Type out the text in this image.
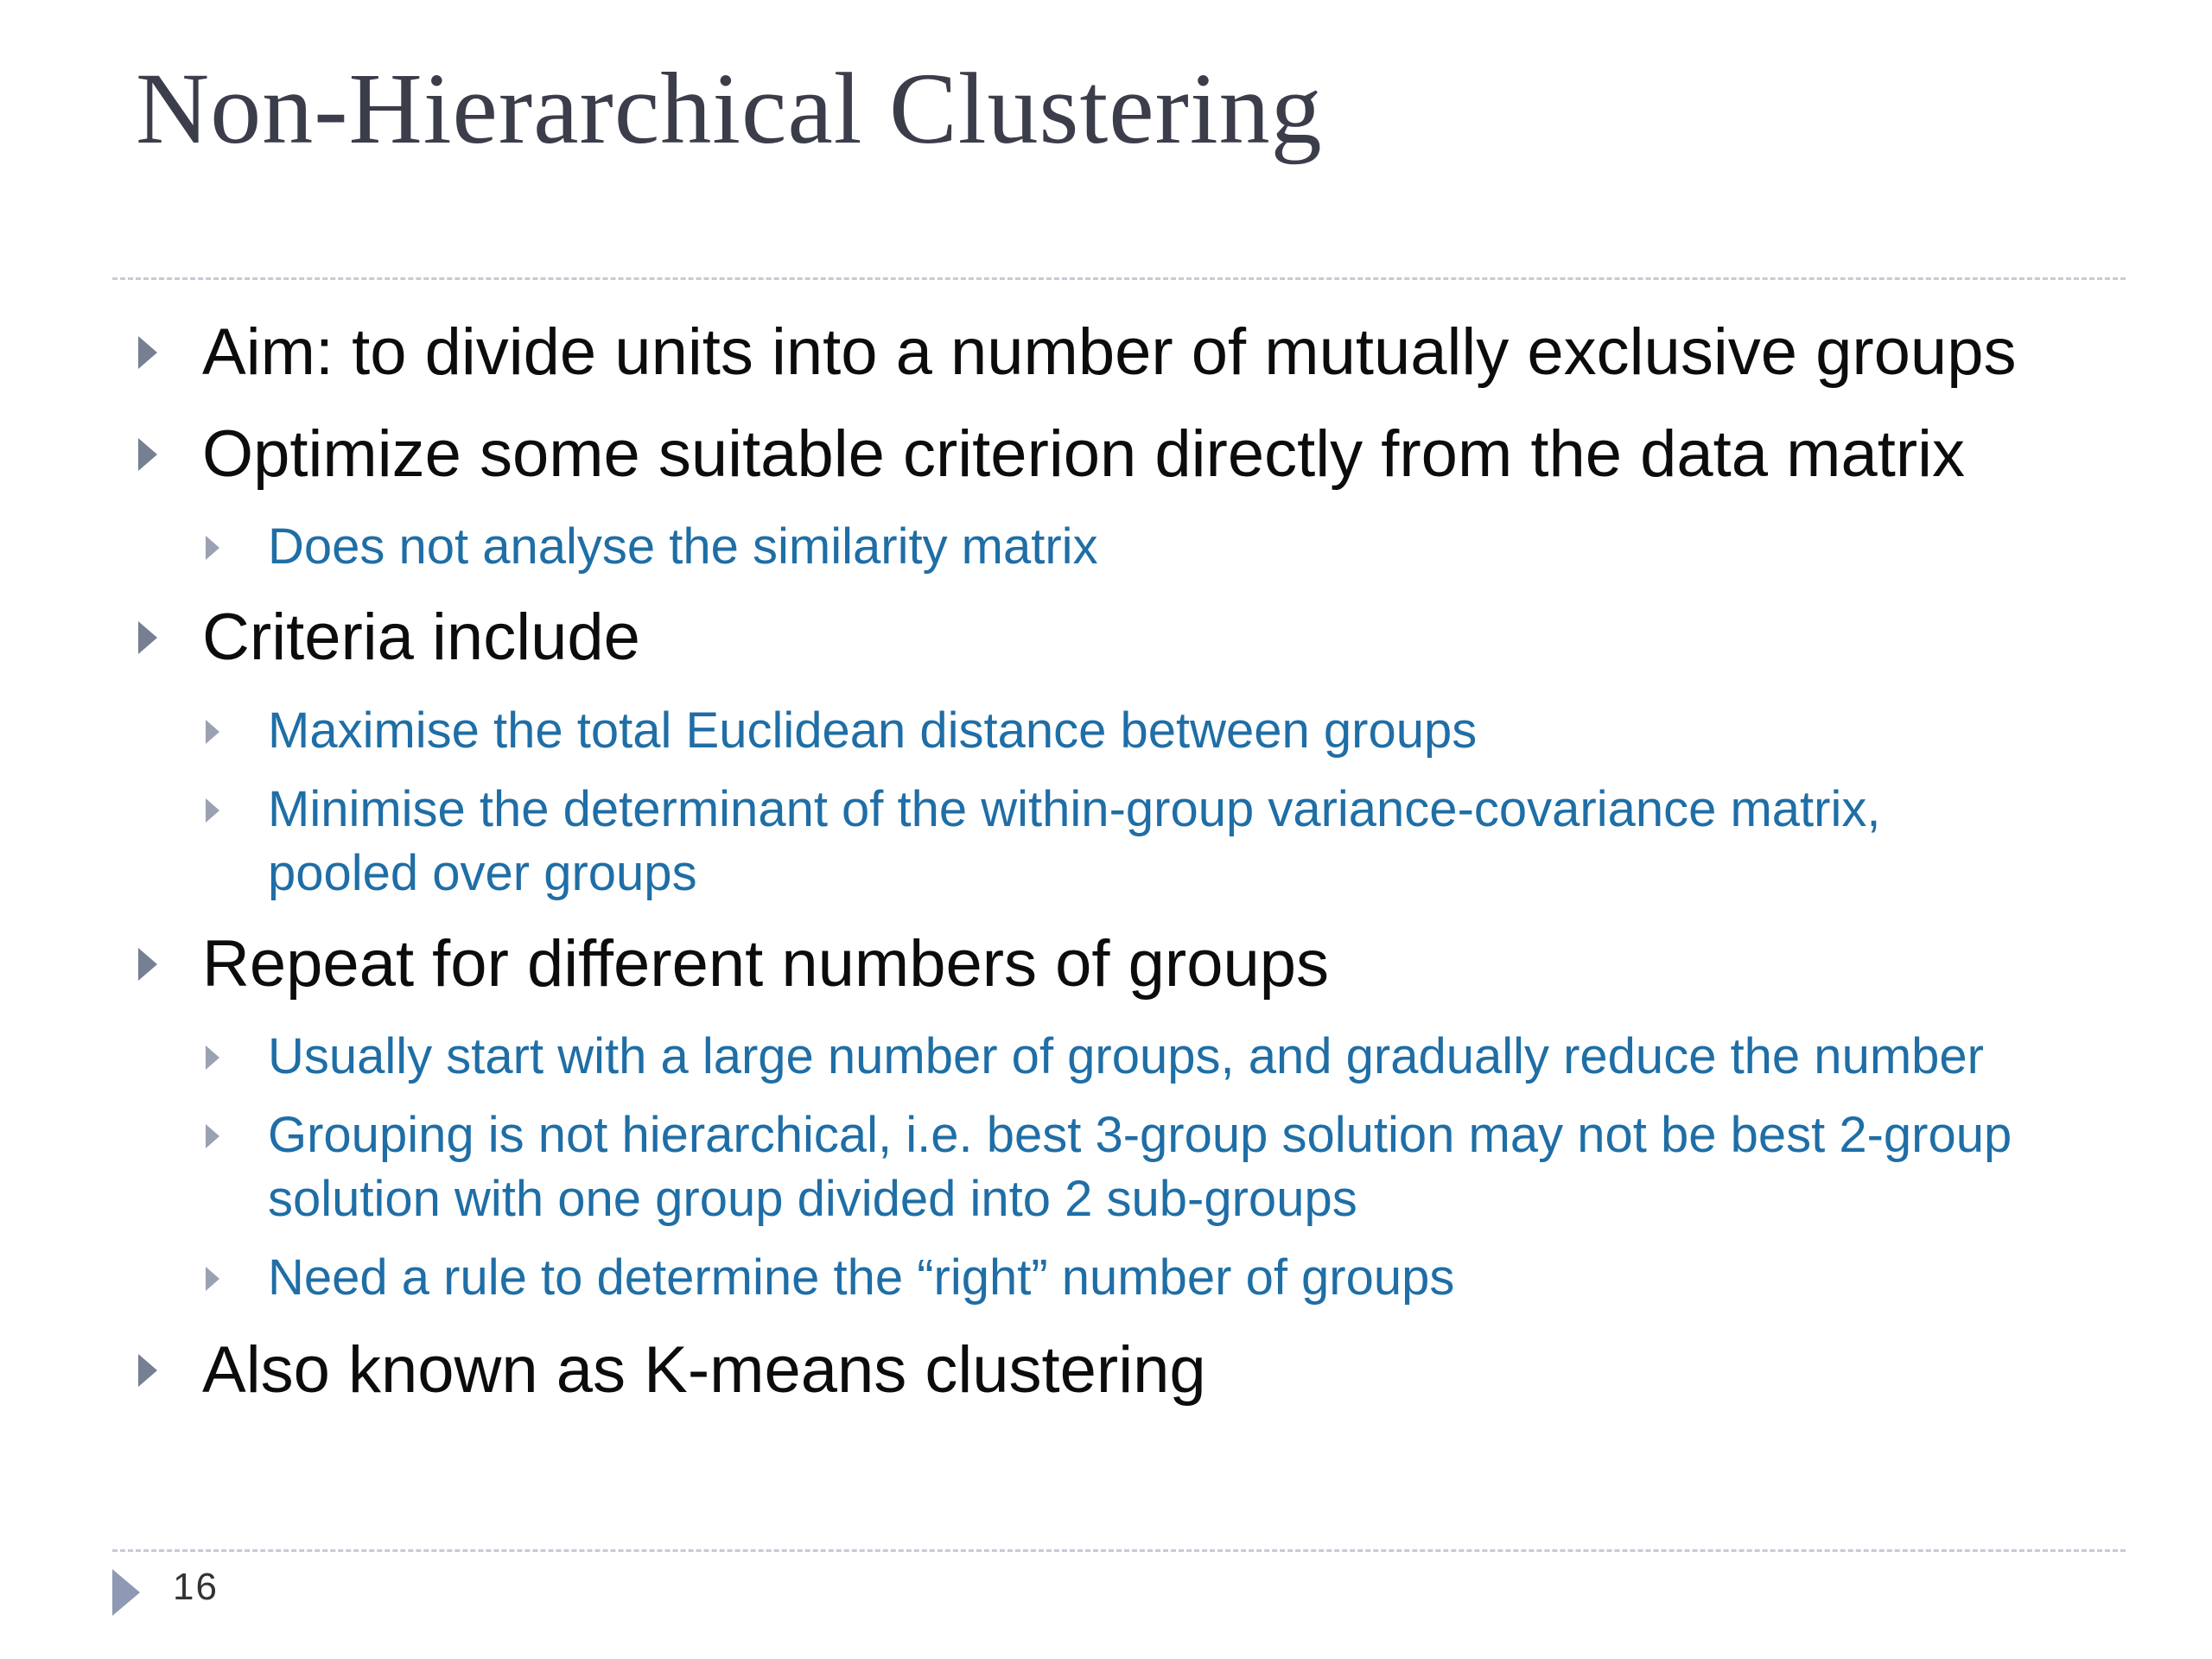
Non-Hierarchical Clustering
Aim: to divide units into a number of mutually exclusive groups
Optimize some suitable criterion directly from the data matrix
Does not analyse the similarity matrix
Criteria include
Maximise the total Euclidean distance between groups
Minimise the determinant of the within-group variance-covariance matrix,
pooled over groups
Repeat for different numbers of groups
Usually start with a large number of groups, and gradually reduce the number
Grouping is not hierarchical, i.e. best 3-group solution may not be best 2-group
solution with one group divided into 2 sub-groups
Need a rule to determine the “right” number of groups
Also known as K-means clustering
16
